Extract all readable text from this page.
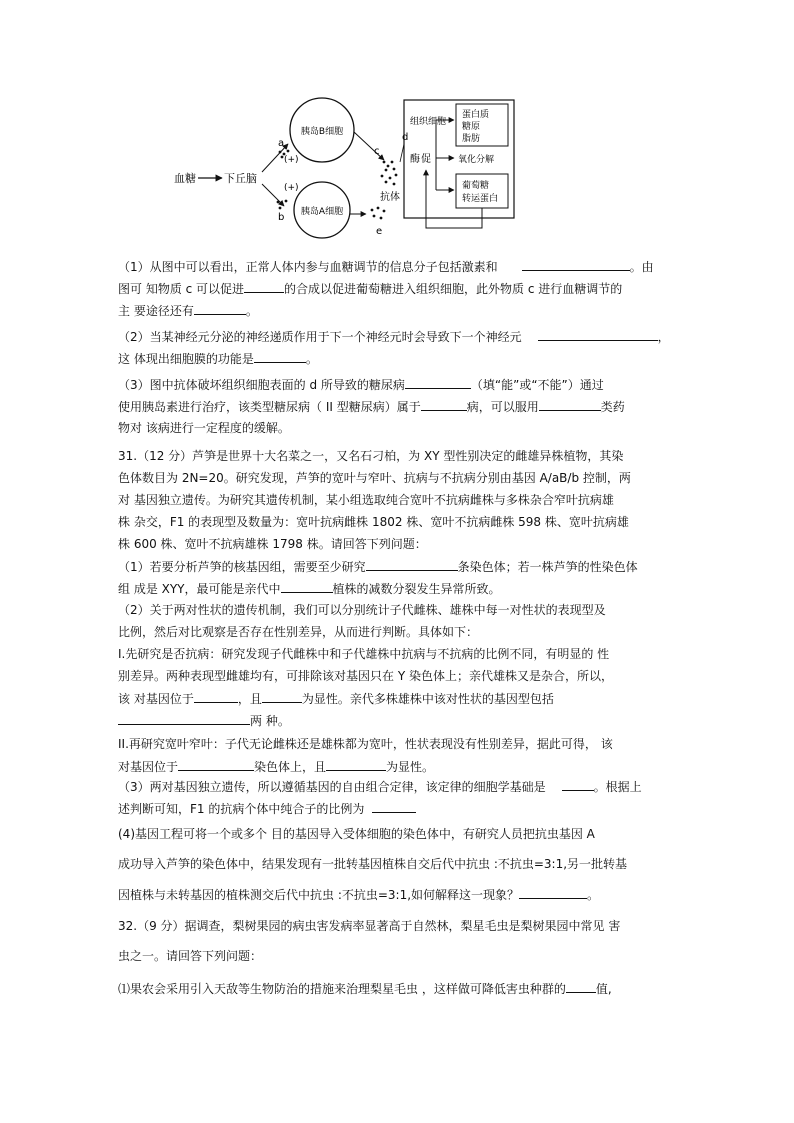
血糖	下丘脑
a
(+)
(+)
b
胰岛B细胞
胰岛A细胞
c
d
抗体
e
组织细胞
酶 促
蛋白质
糖原
脂肪
氧化分解
葡萄糖
转运蛋白
（1）从图中可以看出，正常人体内参与血糖调节的信息分子包括激素和	。由
图可 知物质 c 可以促进	的合成以促进葡萄糖进入组织细胞，此外物质 c 进行血糖调节的
主 要途径还有	。
（2）当某神经元分泌的神经递质作用于下一个神经元时会导致下一个神经元	，
这 体现出细胞膜的功能是	。
（3）图中抗体破坏组织细胞表面的 d 所导致的糖尿病	（填“能”或“不能”）通过
使用胰岛素进行治疗，该类型糖尿病（ II 型糖尿病）属于	病，可以服用	类药
物对 该病进行一定程度的缓解。
31.（12 分）芦笋是世界十大名菜之一，又名石刁柏，为 XY 型性别决定的雌雄异株植物，其染
色体数目为 2N=20。研究发现，芦笋的宽叶与窄叶、抗病与不抗病分别由基因 A/aB/b 控制，两
对 基因独立遗传。为研究其遗传机制，某小组选取纯合宽叶不抗病雌株与多株杂合窄叶抗病雄
株 杂交，F1 的表现型及数量为：宽叶抗病雌株 1802 株、宽叶不抗病雌株 598 株、宽叶抗病雄
株 600 株、宽叶不抗病雄株 1798 株。请回答下列问题：
（1）若要分析芦笋的核基因组，需要至少研究	条染色体；若一株芦笋的性染色体
组 成是 XYY，最可能是亲代中	植株的减数分裂发生异常所致。
（2）关于两对性状的遗传机制，我们可以分别统计子代雌株、雄株中每一对性状的表现型及
比例，然后对比观察是否存在性别差异，从而进行判断。具体如下：
I.先研究是否抗病：研究发现子代雌株中和子代雄株中抗病与不抗病的比例不同，有明显的 性
别差异。两种表现型雌雄均有，可排除该对基因只在 Y 染色体上；亲代雄株又是杂合，所以，
该 对基因位于	，且	为显性。亲代多株雄株中该对性状的基因型包括
两 种。
II.再研究宽叶窄叶：子代无论雌株还是雄株都为宽叶，性状表现没有性别差异，据此可得， 该
对基因位于	染色体上，且	为显性。
（3）两对基因独立遗传，所以遵循基因的自由组合定律，该定律的细胞学基础是	。根据上
述判断可知，F1 的抗病个体中纯合子的比例为
(4)基因工程可将一个或多个 目的基因导入受体细胞的染色体中，有研究人员把抗虫基因 A
成功导入芦笋的染色体中，结果发现有一批转基因植株自交后代中抗虫 :不抗虫=3:1,另一批转基
因植株与未转基因的植株测交后代中抗虫 :不抗虫=3:1,如何解释这一现象？	。
32.（9 分）据调查，梨树果园的病虫害发病率显著高于自然林，梨星毛虫是梨树果园中常见 害
虫之一。请回答下列问题：
⑴果农会采用引入天敌等生物防治的措施来治理梨星毛虫 ，这样做可降低害虫种群的	值,
